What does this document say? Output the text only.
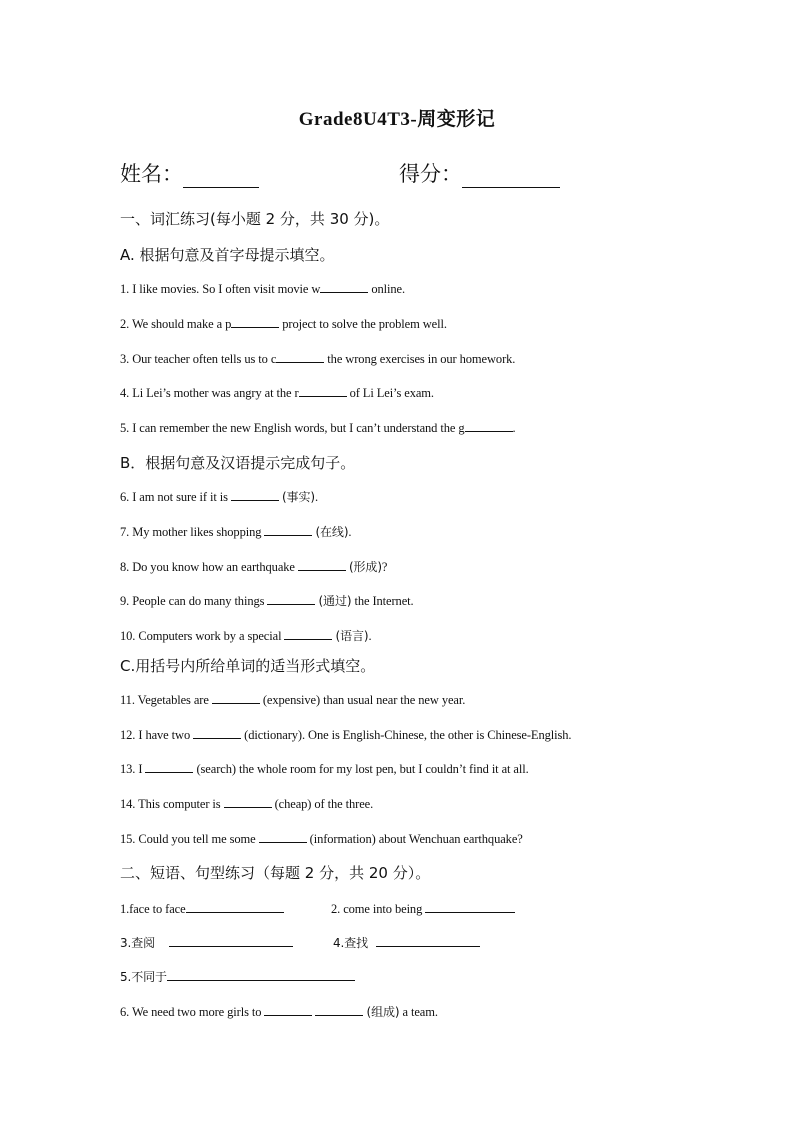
Grade8U4T3-周变形记
姓名：	得分：
一、词汇练习(每小题 2 分，共 30 分)。
A. 根据句意及首字母提示填空。
1. I like movies. So I often visit movie w	online.
2. We should make a p	project to solve the problem well.
3. Our teacher often tells us to c	the wrong exercises in our homework.
4. Li Lei’s mother was angry at the r	of Li Lei’s exam.
5. I can remember the new English words, but I can’t understand the g	.
B．根据句意及汉语提示完成句子。
6. I am not sure if it is	(事实).
7. My mother likes shopping	(在线).
8. Do you know how an earthquake	(形成)?
9. People can do many things	(通过) the Internet.
10. Computers work by a special	(语言).
C.用括号内所给单词的适当形式填空。
11. Vegetables are	(expensive) than usual near the new year.
12. I have two	(dictionary). One is English-Chinese, the other is Chinese-English.
13. I	(search) the whole room for my lost pen, but I couldn’t find it at all.
14. This computer is	(cheap) of the three.
15. Could you tell me some	(information) about Wenchuan earthquake?
二、短语、句型练习（每题 2 分，共 20 分）。
1.face to face	2. come into being
3.查阅	4.查找
5.不同于
6. We need two more girls to	(组成) a team.
